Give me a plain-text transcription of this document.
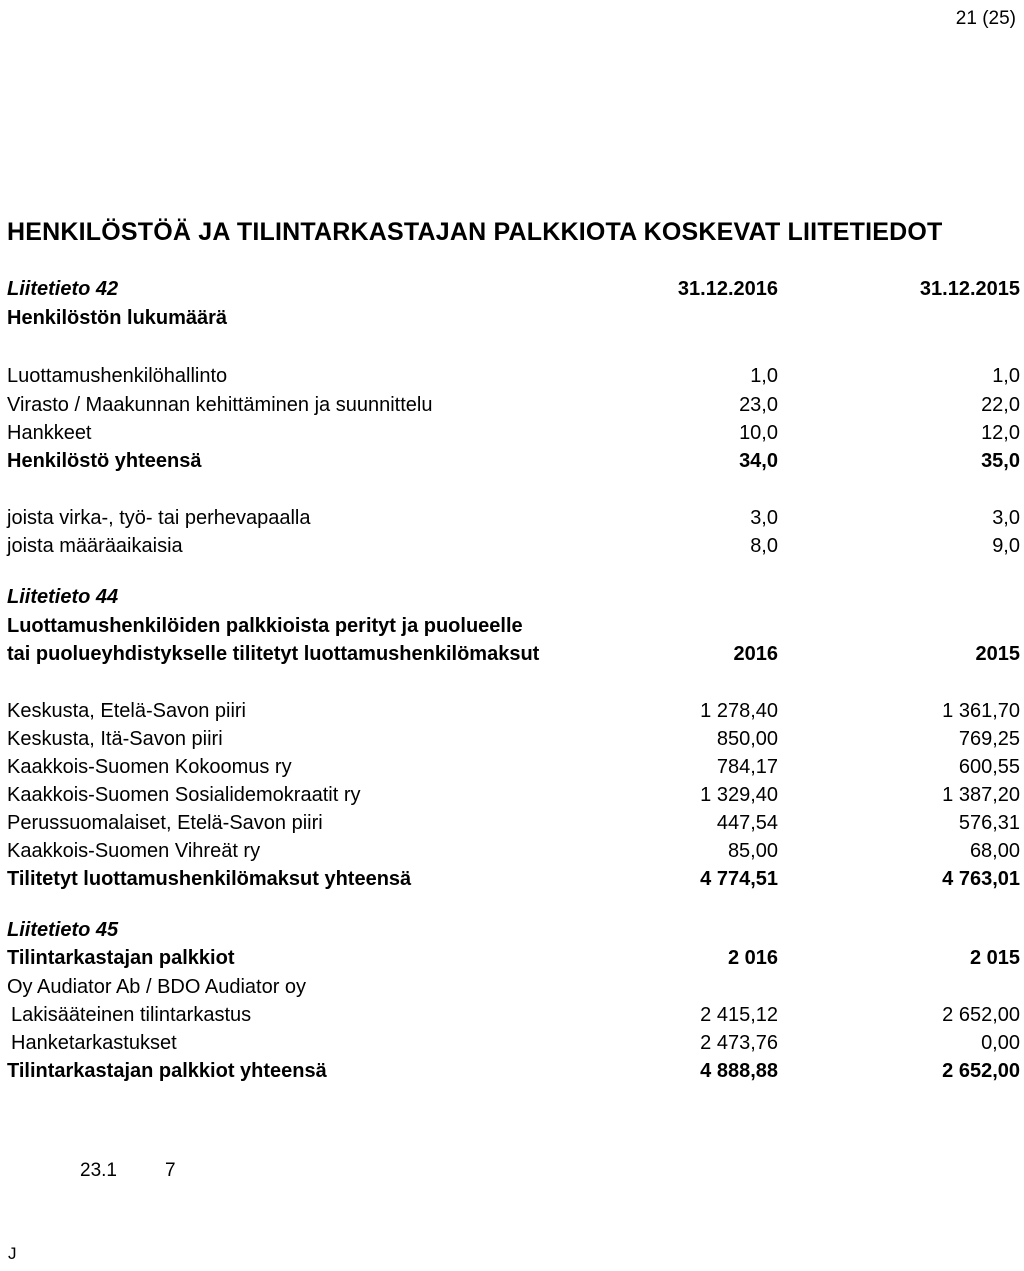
21 (25)
HENKILÖSTÖÄ JA TILINTARKASTAJAN PALKKIOTA KOSKEVAT LIITETIEDOT
Liitetieto 42	31.12.2016	31.12.2015
Henkilöstön lukumäärä
Luottamushenkilöhallinto	1,0	1,0
Virasto / Maakunnan kehittäminen ja suunnittelu	23,0	22,0
Hankkeet	10,0	12,0
Henkilöstö yhteensä	34,0	35,0
joista virka-, työ- tai perhevapaalla	3,0	3,0
joista määräaikaisia	8,0	9,0
Liitetieto 44
Luottamushenkilöiden palkkioista perityt ja puolueelle
tai puolueyhdistykselle tilitetyt luottamushenkilömaksut	2016	2015
Keskusta, Etelä-Savon piiri	1 278,40	1 361,70
Keskusta, Itä-Savon piiri	850,00	769,25
Kaakkois-Suomen Kokoomus ry	784,17	600,55
Kaakkois-Suomen Sosialidemokraatit ry	1 329,40	1 387,20
Perussuomalaiset, Etelä-Savon piiri	447,54	576,31
Kaakkois-Suomen Vihreät ry	85,00	68,00
Tilitetyt luottamushenkilömaksut yhteensä	4 774,51	4 763,01
Liitetieto 45
Tilintarkastajan palkkiot	2 016	2 015
Oy Audiator Ab / BDO Audiator oy
Lakisääteinen tilintarkastus	2 415,12	2 652,00
Hanketarkastukset	2 473,76	0,00
Tilintarkastajan palkkiot yhteensä	4 888,88	2 652,00
23.1	7
J
